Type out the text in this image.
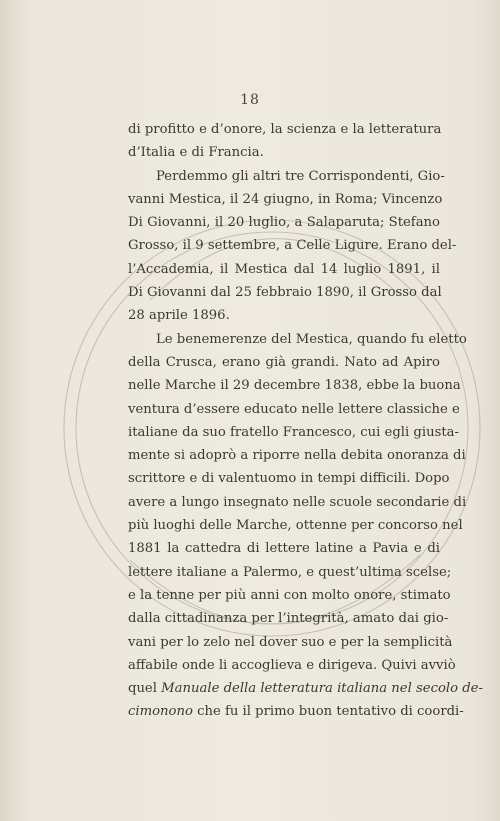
18
di profitto e d’onore, la scienza e la letteratura
d’Italia e di Francia.
Perdemmo gli altri tre Corrispondenti, Gio-
vanni Mestica, il 24 giugno, in Roma; Vincenzo
Di Giovanni, il 20 luglio, a Salaparuta; Stefano
Grosso, il 9 settembre, a Celle Ligure. Erano del-
l’Accademia, il Mestica dal 14 luglio 1891, il
Di Giovanni dal 25 febbraio 1890, il Grosso dal
28 aprile 1896.
Le benemerenze del Mestica, quando fu eletto
della Crusca, erano già grandi. Nato ad Apiro
nelle Marche il 29 decembre 1838, ebbe la buona
ventura d’essere educato nelle lettere classiche e
italiane da suo fratello Francesco, cui egli giusta-
mente si adoprò a riporre nella debita onoranza di
scrittore e di valentuomo in tempi difficili. Dopo
avere a lungo insegnato nelle scuole secondarie di
più luoghi delle Marche, ottenne per concorso nel
1881 la cattedra di lettere latine a Pavia e di
lettere italiane a Palermo, e quest’ultima scelse;
e la tenne per più anni con molto onore, stimato
dalla cittadinanza per l’integrità, amato dai gio-
vani per lo zelo nel dover suo e per la semplicità
affabile onde li accoglieva e dirigeva. Quivi avviò
quel Manuale della letteratura italiana nel secolo de-
cimonono che fu il primo buon tentativo di coordi-
